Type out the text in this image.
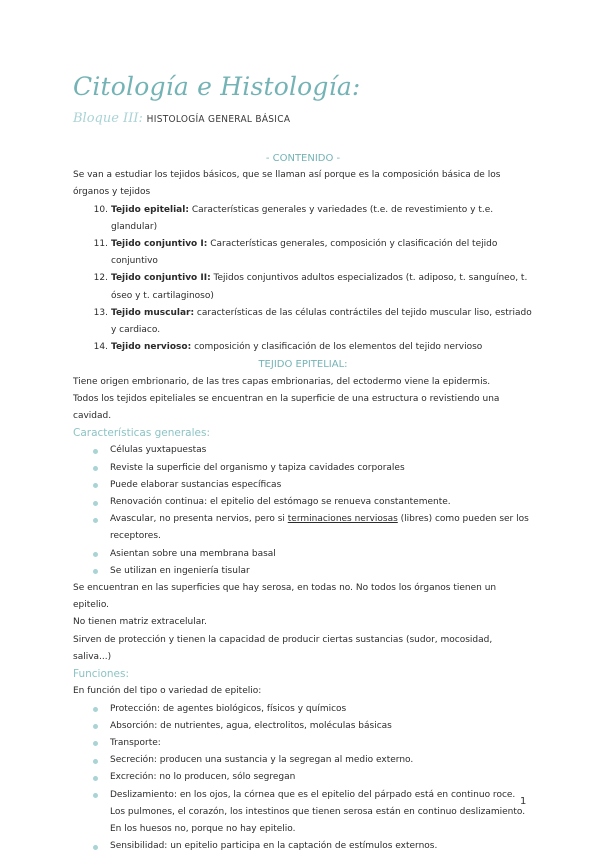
Citología e Histología:
Bloque III: HISTOLOGÍA GENERAL BÁSICA
- CONTENIDO -

Se van a estudiar los tejidos básicos, que se llaman así porque es la composición básica de los órganos y tejidos

10. Tejido epitelial: Características generales y variedades (t.e. de revestimiento y t.e. glandular)
11. Tejido conjuntivo I: Características generales, composición y clasificación del tejido conjuntivo
12. Tejido conjuntivo II: Tejidos conjuntivos adultos especializados (t. adiposo, t. sanguíneo, t. óseo y t. cartilaginoso)
13. Tejido muscular: características de las células contráctiles del tejido muscular liso, estriado y cardiaco.
14. Tejido nervioso: composición y clasificación de los elementos del tejido nervioso
TEJIDO EPITELIAL:

Tiene origen embrionario, de las tres capas embrionarias, del ectodermo viene la epidermis.

Todos los tejidos epiteliales se encuentran en la superficie de una estructura o revistiendo una cavidad.

Características generales:
Células yuxtapuestas
Reviste la superficie del organismo y tapiza cavidades corporales
Puede elaborar sustancias específicas
Renovación continua: el epitelio del estómago se renueva constantemente.
Avascular, no presenta nervios, pero si terminaciones nerviosas (libres) como pueden ser los receptores.
Asientan sobre una membrana basal
Se utilizan en ingeniería tisular

Se encuentran en las superficies que hay serosa, en todas no. No todos los órganos tienen un epitelio.

No tienen matriz extracelular.

Sirven de protección y tienen la capacidad de producir ciertas sustancias (sudor, mocosidad, saliva...)

Funciones:

En función del tipo o variedad de epitelio:

Protección: de agentes biológicos, físicos y químicos
Absorción: de nutrientes, agua, electrolitos, moléculas básicas
Transporte:
Secreción: producen una sustancia y la segregan al medio externo.
Excreción: no lo producen, sólo segregan
Deslizamiento: en los ojos, la córnea que es el epitelio del párpado está en continuo roce. Los pulmones, el corazón, los intestinos que tienen serosa están en continuo deslizamiento. En los huesos no, porque no hay epitelio.
Sensibilidad: un epitelio participa en la captación de estímulos externos.
1
